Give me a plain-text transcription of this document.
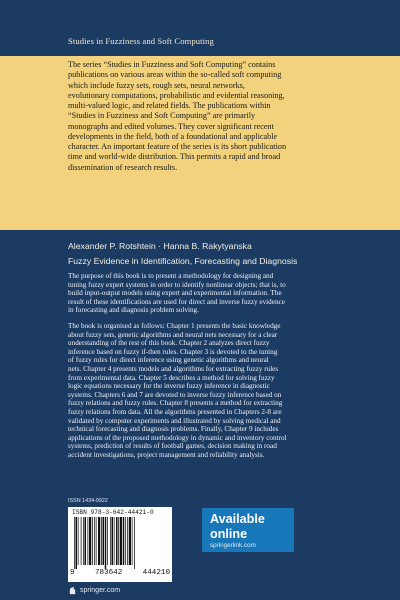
Studies in Fuzziness and Soft Computing
The series “Studies in Fuzziness and Soft Computing” contains
publications on various areas within the so-called soft computing
which include fuzzy sets, rough sets, neural networks,
evolutionary computations, probabilistic and evidential reasoning,
multi-valued logic, and related fields. The publications within
“Studies in Fuzziness and Soft Computing” are primarily
monographs and edited volumes. They cover significant recent
developments in the field, both of a foundational and applicable
character. An important feature of the series is its short publication
time and world-wide distribution. This permits a rapid and broad
dissemination of research results.
Alexander P. Rotshtein · Hanna B. Rakytyanska
Fuzzy Evidence in Identification, Forecasting and Diagnosis
The purpose of this book is to present a methodology for designing and
tuning fuzzy expert systems in order to identify nonlinear objects; that is, to
build input-output models using expert and experimental information. The
result of these identifications are used for direct and inverse fuzzy evidence
in forecasting and diagnosis problem solving.
The book is organised as follows: Chapter 1 presents the basic knowledge
about fuzzy sets, genetic algorithms and neural nets necessary for a clear
understanding of the rest of this book. Chapter 2 analyzes direct fuzzy
inference based on fuzzy if-then rules. Chapter 3 is devoted to the tuning
of fuzzy rules for direct inference using genetic algorithms and neural
nets. Chapter 4 presents models and algorithms for extracting fuzzy rules
from experimental data. Chapter 5 describes a method for solving fuzzy
logic equations necessary for the inverse fuzzy inference in diagnostic
systems. Chapters 6 and 7 are devoted to inverse fuzzy inference based on
fuzzy relations and fuzzy rules. Chapter 8 presents a method for extracting
fuzzy relations from data. All the algorithms presented in Chapters 2-8 are
validated by computer experiments and illustrated by solving medical and
technical forecasting and diagnosis problems. Finally, Chapter 9 includes
applications of the proposed methodology in dynamic and inventory control
systems, prediction of results of football games, decision making in road
accident investigations, project management and reliability analysis.
ISSN 1434-9922
ISBN 978-3-642-44421-0
9	783642	444210
springer.com
Available
online
springerlink.com
